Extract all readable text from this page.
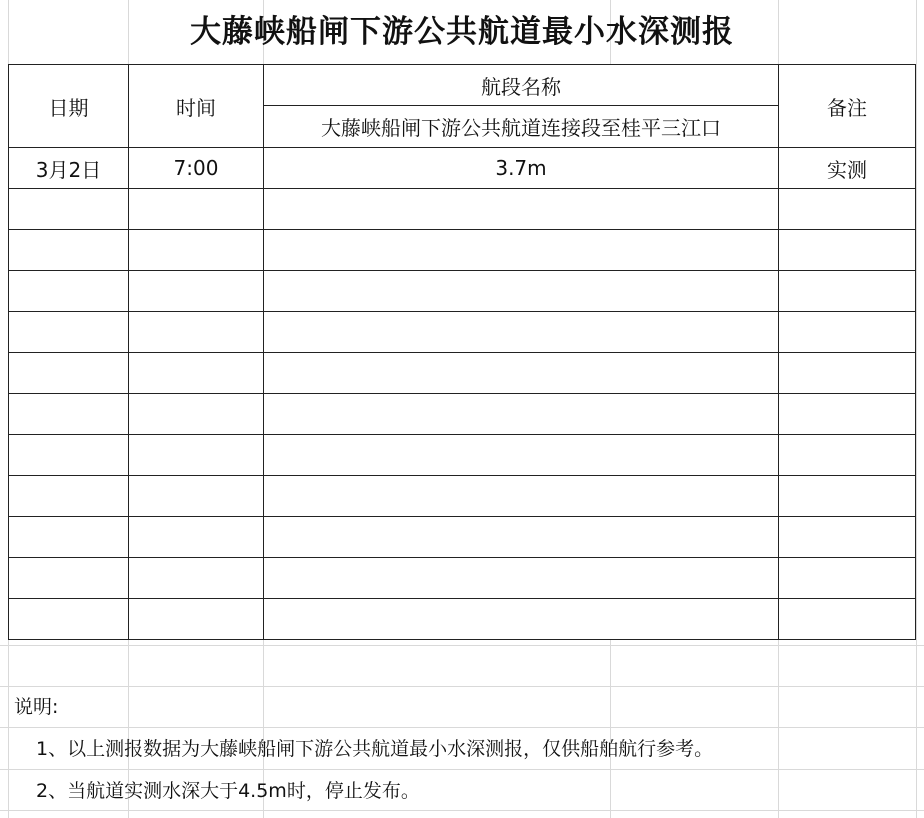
大藤峡船闸下游公共航道最小水深测报
日期	时间	航段名称	备注
		大藤峡船闸下游公共航道连接段至桂平三江口	
3月2日	7:00	3.7m	实测

说明:
1、以上测报数据为大藤峡船闸下游公共航道最小水深测报，仅供船舶航行参考。
2、当航道实测水深大于4.5m时，停止发布。
